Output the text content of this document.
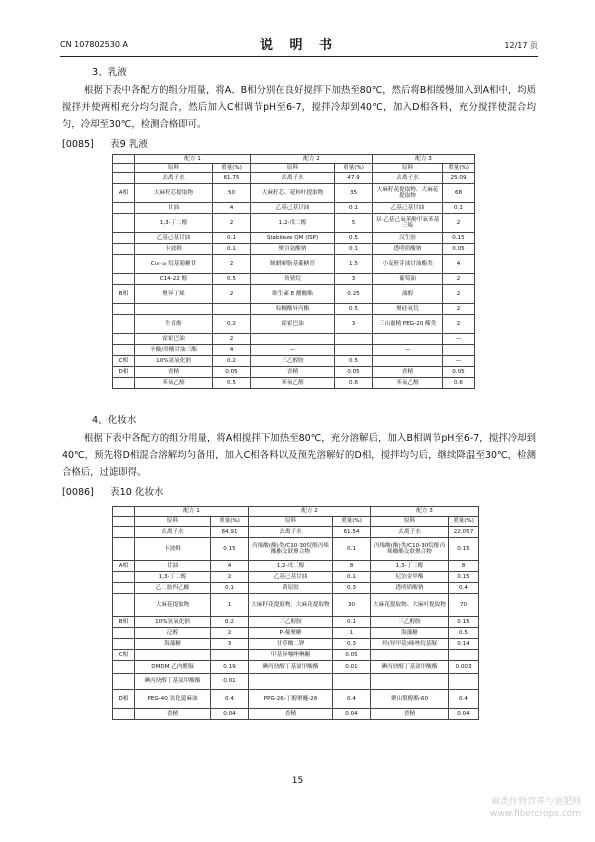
CN 107802530 A	说 明 书	12/17 页
3、乳液
根据下表中各配方的组分用量，将A、B相分别在良好搅拌下加热至80℃，然后将B相缓慢加入到A相中，均质搅拌并使两相充分均匀混合，然后加入C相调节pH至6-7，搅拌冷却到40℃，加入D相各料，充分搅拌使混合均匀，冷却至30℃，检测合格即可。
[0085] 表9 乳液
	配方 1		配方 2		配方 3	
	原料	重量(%)	原料	重量(%)	原料	重量(%)
	去离子水	61.75	去离子水	47.9	去离子水	25.09
A相	大麻籽芯提取物	50	大麻籽芯、花和叶提取物	35	大麻籽花提取物、大麻花提取物	68
	甘油	4	乙基己基甘油	0.1	乙基己基甘油	0.1
	1,3-丁二醇	2	1,2-戊二醇	5	双-乙基己氧苯酚甲氧苯基三嗪	2
	乙基己基甘油	0.1	Stabileze QM (ISP)	0.5	汉生胶	0.15
	卡波姆	0.1	聚谷氨酸钠	0.1	透明质酸钠	0.05
	C₁₆₋₁₈ 烷基葡糖苷	2	鲸蜡硬脂基葡糖苷	1.5	小麦胚芽油甘油酯类	4
	C14-22 醇	0.5	角鲨烷	3	葡萄油	2
B相	聚异丁烯	2	维生素 E 醋酸酯	0.25	油醇	2
			棕榈酸异丙酯	0.5	聚硅氧烷	2
	生育酚	0.2	霍霍巴油	3	三山嵛精 PEG-20 酯类	2
	霍霍巴油	2				—
	辛酸/癸酸甘油三酯	4	—		—	
C相	10%氢氧化钠	0.2	三乙醇胺	0.5		—
D相	香精	0.05	香精	0.05	香精	0.05
	苯氧乙醇	0.5	苯氧乙醇	0.6	苯氧乙醇	0.6
4、化妆水
根据下表中各配方的组分用量，将A相搅拌下加热至80℃，充分溶解后，加入B相调节pH至6-7，搅拌冷却到40℃，预先将D相混合溶解均匀备用，加入C相各料以及预先溶解好的D相，搅拌均匀后，继续降温至30℃，检测合格后，过滤即得。
[0086] 表10 化妆水
	配方 1		配方 2		配方 3	
	原料	重量(%)	原料	重量(%)	原料	重量(%)
	去离子水	84.91	去离子水	61.54	去离子水	22.057
	卡波姆	0.15	丙烯酸(酯)类/C10-30烷醇丙烯酸酯交联聚合物	0.1	丙烯酸(酯)类/C10-30烷醇丙烯酸酯交联聚合物	0.15
A相	甘油	4	1,2-戊二醇	8	1,3-丁二醇	8
	1,3-丁二醇	2	乙基己基甘油	0.1	尼泊金甲酯	0.15
	乙二胺四乙酸	0.1	黄原胶	0.3	透明质酸钠	0.4
	大麻花提取物	1	大麻籽花提取物、大麻花提取物	30	大麻花提取物、大麻叶提取物	70
B相	10%氢氧化钠	0.2	三乙醇胺	0.1	三乙醇胺	0.15
	泛醇	2	P-葡聚糖	1	海藻糖	0.5
	海藻糖	3	甘草酸二钾	0.3	羟(羟甲基)咪唑烷基脲	0.14
C相			甲基异噻唑啉酮	0.05		
	DMDM 乙内酰脲	0.19	碘丙炔醇丁基氨甲酸酯	0.01	碘丙炔醇丁基氨甲酸酯	0.003
	碘丙炔醇丁基氨甲酸酯	0.01				
D相	PEG-40 氢化蓖麻油	0.4	PPG-26-丁醇聚醚-26	0.4	聚山梨醇酯-60	0.4
	香精	0.04	香精	0.04	香精	0.04
15
麻类作物营养与施肥网
www.fibercrops.com
